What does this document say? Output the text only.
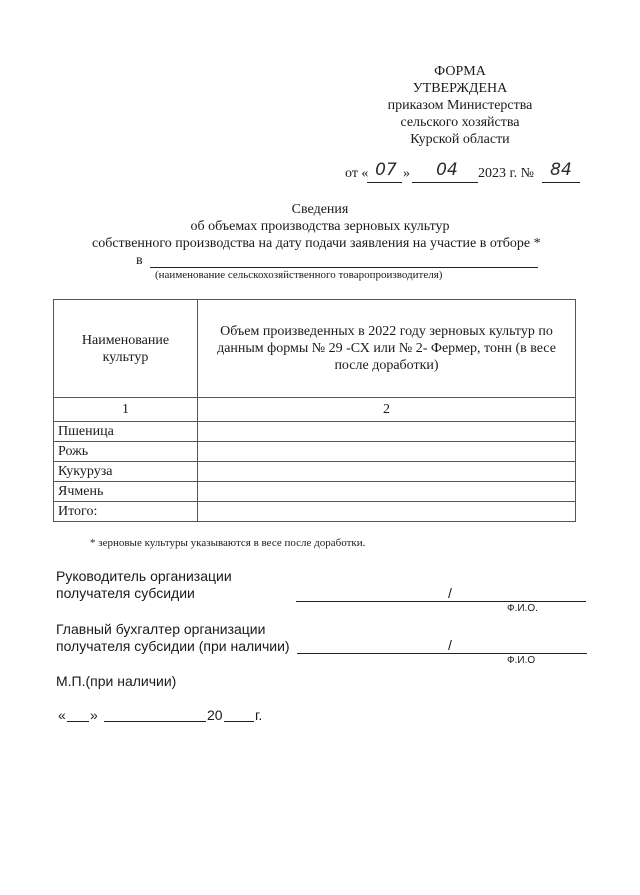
ФОРМА
УТВЕРЖДЕНА
приказом Министерства
сельского хозяйства
Курской области
от « 07 »	04	2023 г. № 84
Сведения
об объемах производства зерновых культур
собственного производства на дату подачи заявления на участие в отборе *
в
(наименование сельскохозяйственного товаропроизводителя)
Наименование культур	Объем произведенных в 2022 году зерновых культур по данным формы № 29 -СХ или № 2- Фермер, тонн (в весе после доработки)
1	2
Пшеница	
Рожь	
Кукуруза	
Ячмень	
Итого:	
* зерновые культуры указываются в весе после доработки.
Руководитель организации
получателя субсидии	/
Ф.И.О.
Главный бухгалтер организации
получателя субсидии (при наличии)	/
Ф.И.О
М.П.(при наличии)
« »	20 г.
